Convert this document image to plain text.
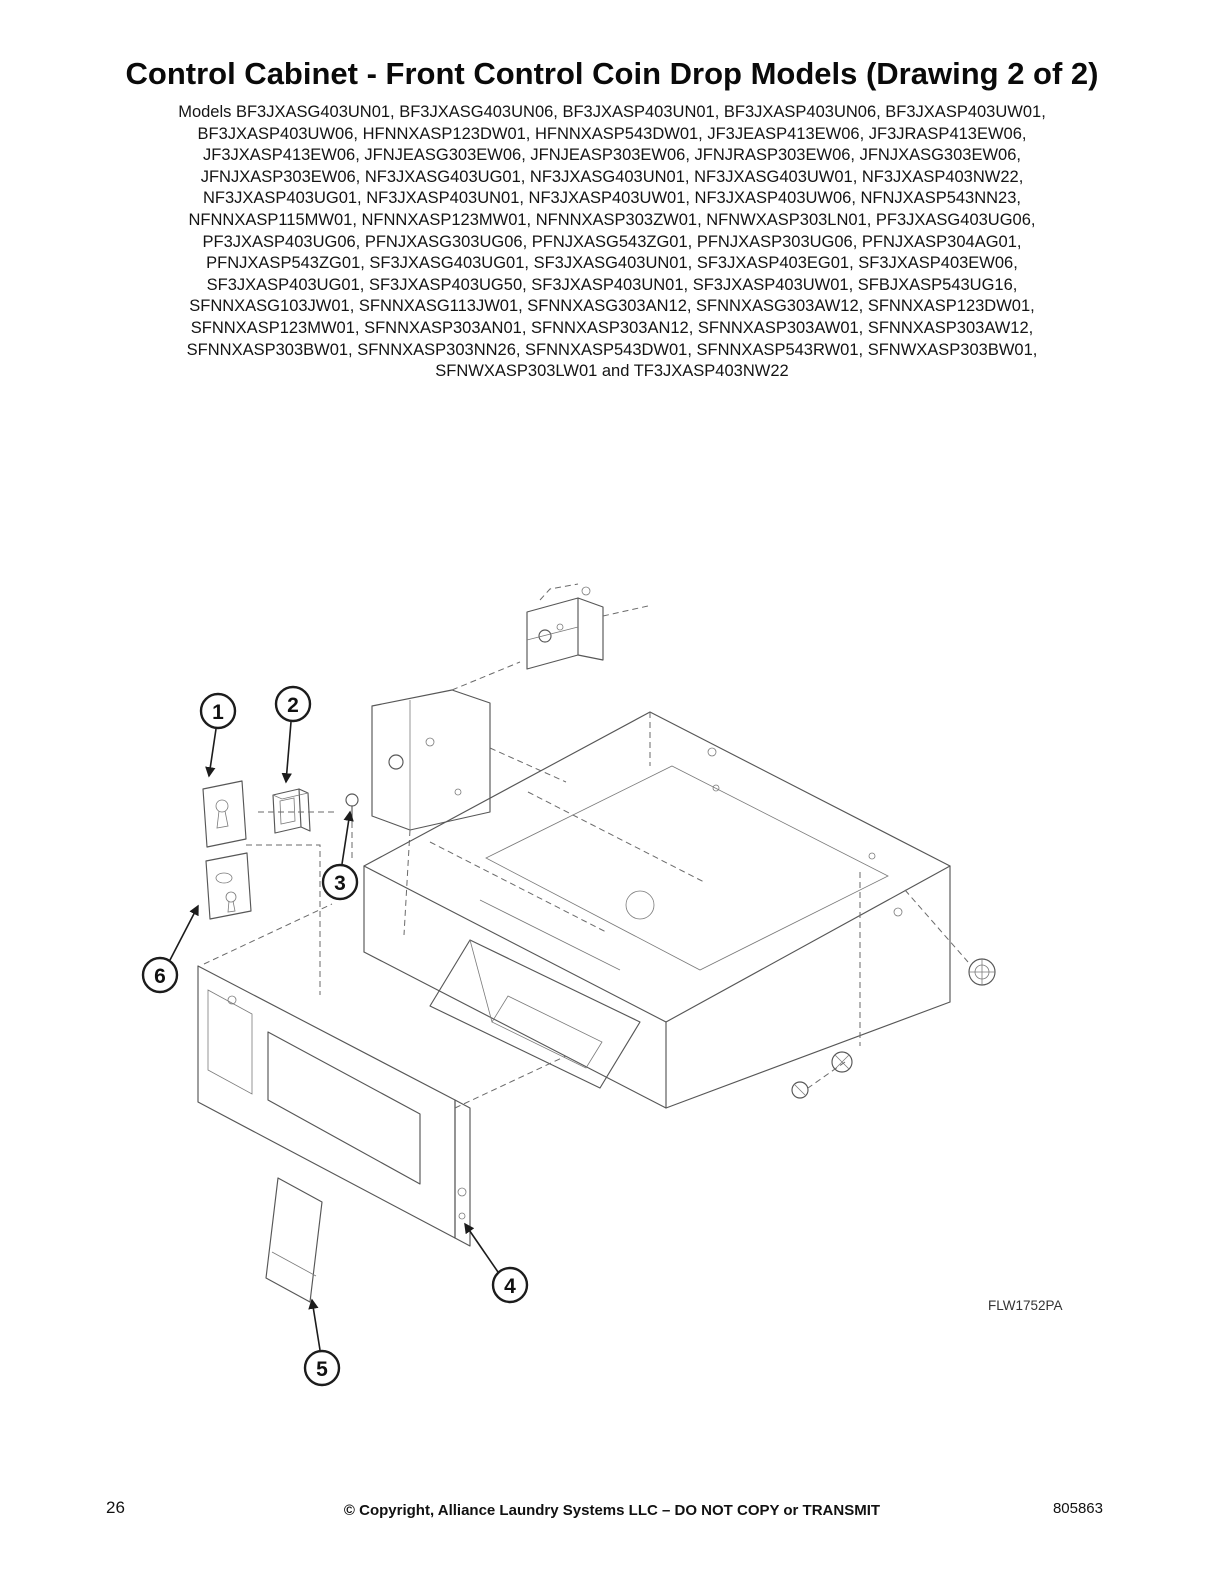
1	2
3
4
5
6
Control Cabinet - Front Control Coin Drop Models (Drawing 2 of 2)
Models BF3JXASG403UN01, BF3JXASG403UN06, BF3JXASP403UN01, BF3JXASP403UN06, BF3JXASP403UW01,
BF3JXASP403UW06, HFNNXASP123DW01, HFNNXASP543DW01, JF3JEASP413EW06, JF3JRASP413EW06,
JF3JXASP413EW06, JFNJEASG303EW06, JFNJEASP303EW06, JFNJRASP303EW06, JFNJXASG303EW06,
JFNJXASP303EW06, NF3JXASG403UG01, NF3JXASG403UN01, NF3JXASG403UW01, NF3JXASP403NW22,
NF3JXASP403UG01, NF3JXASP403UN01, NF3JXASP403UW01, NF3JXASP403UW06, NFNJXASP543NN23,
NFNNXASP115MW01, NFNNXASP123MW01, NFNNXASP303ZW01, NFNWXASP303LN01, PF3JXASG403UG06,
PF3JXASP403UG06, PFNJXASG303UG06, PFNJXASG543ZG01, PFNJXASP303UG06, PFNJXASP304AG01,
PFNJXASP543ZG01, SF3JXASG403UG01, SF3JXASG403UN01, SF3JXASP403EG01, SF3JXASP403EW06,
SF3JXASP403UG01, SF3JXASP403UG50, SF3JXASP403UN01, SF3JXASP403UW01, SFBJXASP543UG16,
SFNNXASG103JW01, SFNNXASG113JW01, SFNNXASG303AN12, SFNNXASG303AW12, SFNNXASP123DW01,
SFNNXASP123MW01, SFNNXASP303AN01, SFNNXASP303AN12, SFNNXASP303AW01, SFNNXASP303AW12,
SFNNXASP303BW01, SFNNXASP303NN26, SFNNXASP543DW01, SFNNXASP543RW01, SFNWXASP303BW01,
SFNWXASP303LW01 and TF3JXASP403NW22
FLW1752PA
26	© Copyright, Alliance Laundry Systems LLC – DO NOT COPY or TRANSMIT	805863
